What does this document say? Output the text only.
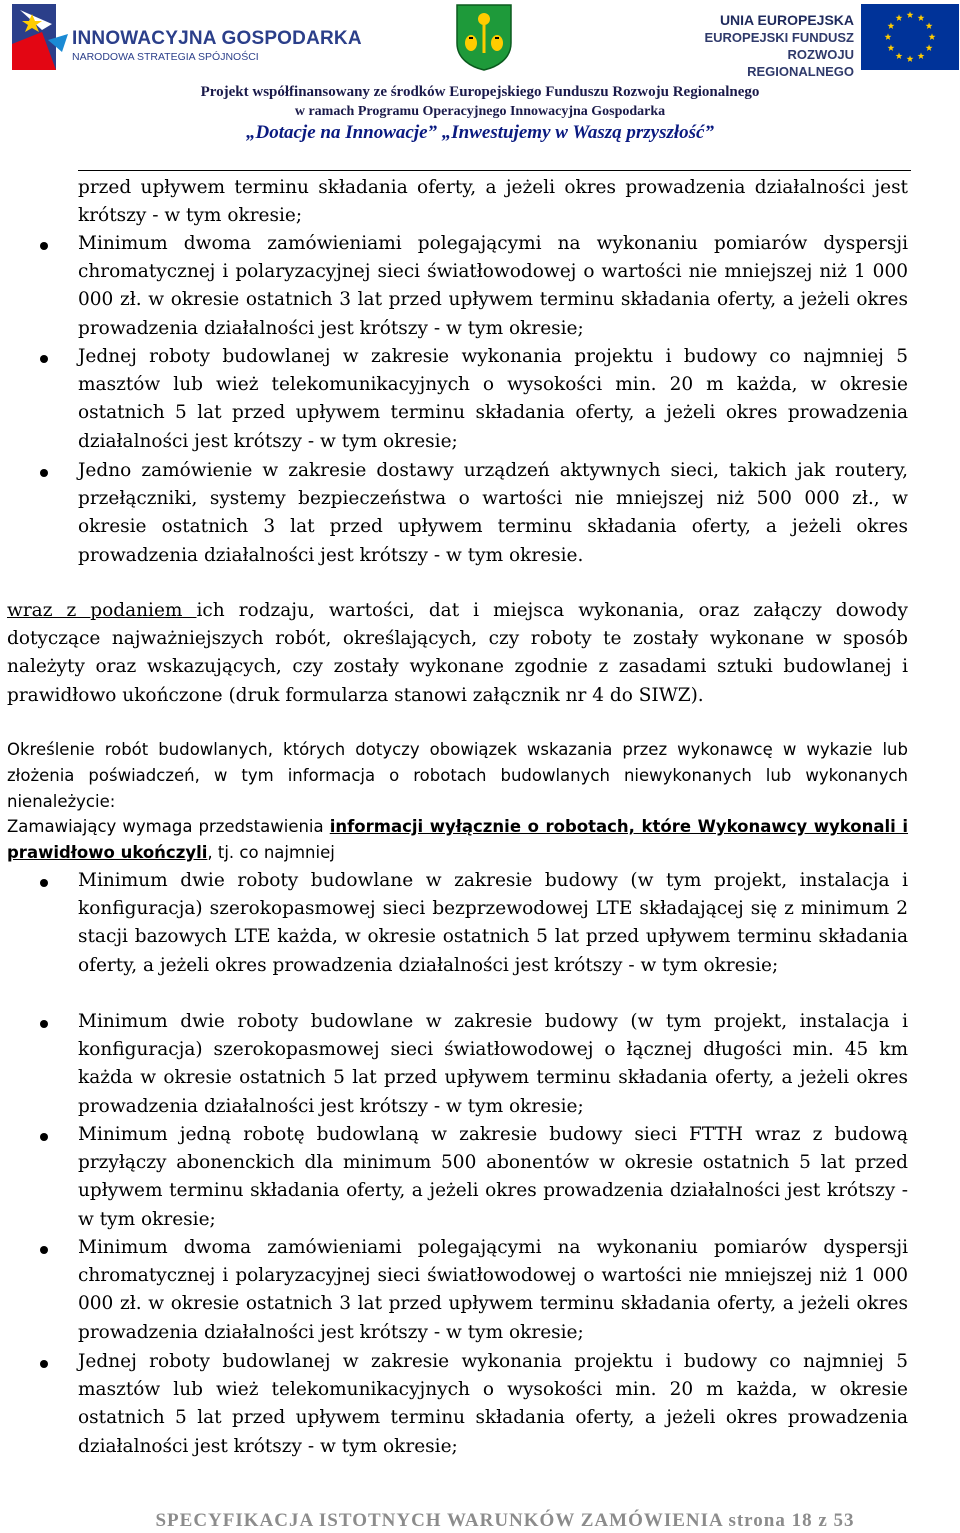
INNOWACYJNA GOSPODARKA
NARODOWA STRATEGIA SPÓJNOŚCI
UNIA EUROPEJSKA
EUROPEJSKI FUNDUSZ
ROZWOJU REGIONALNEGO
Projekt współfinansowany ze środków Europejskiego Funduszu Rozwoju Regionalnego
w ramach Programu Operacyjnego Innowacyjna Gospodarka
„Dotacje na Innowacje” „Inwestujemy w Waszą przyszłość”
przed upływem terminu składania oferty, a jeżeli okres prowadzenia działalności jest krótszy - w tym okresie;
Minimum dwoma zamówieniami polegającymi na wykonaniu pomiarów dyspersji chromatycznej i polaryzacyjnej sieci światłowodowej o wartości nie mniejszej niż 1 000 000 zł. w okresie ostatnich 3 lat przed upływem terminu składania oferty, a jeżeli okres prowadzenia działalności jest krótszy - w tym okresie;
Jednej roboty budowlanej w zakresie wykonania projektu i budowy co najmniej 5 masztów lub wież telekomunikacyjnych o wysokości min. 20 m każda, w okresie ostatnich 5 lat przed upływem terminu składania oferty, a jeżeli okres prowadzenia działalności jest krótszy - w tym okresie;
Jedno zamówienie w zakresie dostawy urządzeń aktywnych sieci, takich jak routery, przełączniki, systemy bezpieczeństwa o wartości nie mniejszej niż 500 000 zł., w okresie ostatnich 3 lat przed upływem terminu składania oferty, a jeżeli okres prowadzenia działalności jest krótszy - w tym okresie.
wraz z podaniem ich rodzaju, wartości, dat i miejsca wykonania, oraz załączy dowody dotyczące najważniejszych robót, określających, czy roboty te zostały wykonane w sposób należyty oraz wskazujących, czy zostały wykonane zgodnie z zasadami sztuki budowlanej i prawidłowo ukończone (druk formularza stanowi załącznik nr 4 do SIWZ).
Określenie robót budowlanych, których dotyczy obowiązek wskazania przez wykonawcę w wykazie lub złożenia poświadczeń, w tym informacja o robotach budowlanych niewykonanych lub wykonanych nienależycie:
Zamawiający wymaga przedstawienia informacji wyłącznie o robotach, które Wykonawcy wykonali i prawidłowo ukończyli, tj. co najmniej
Minimum dwie roboty budowlane w zakresie budowy (w tym projekt, instalacja i konfiguracja) szerokopasmowej sieci bezprzewodowej LTE składającej się z minimum 2 stacji bazowych LTE każda, w okresie ostatnich 5 lat przed upływem terminu składania oferty, a jeżeli okres prowadzenia działalności jest krótszy - w tym okresie;
Minimum dwie roboty budowlane w zakresie budowy (w tym projekt, instalacja i konfiguracja) szerokopasmowej sieci światłowodowej o łącznej długości min. 45 km każda w okresie ostatnich 5 lat przed upływem terminu składania oferty, a jeżeli okres prowadzenia działalności jest krótszy - w tym okresie;
Minimum jedną robotę budowlaną w zakresie budowy sieci FTTH wraz z budową przyłączy abonenckich dla minimum 500 abonentów w okresie ostatnich 5 lat przed upływem terminu składania oferty, a jeżeli okres prowadzenia działalności jest krótszy - w tym okresie;
Minimum dwoma zamówieniami polegającymi na wykonaniu pomiarów dyspersji chromatycznej i polaryzacyjnej sieci światłowodowej o wartości nie mniejszej niż 1 000 000 zł. w okresie ostatnich 3 lat przed upływem terminu składania oferty, a jeżeli okres prowadzenia działalności jest krótszy - w tym okresie;
Jednej roboty budowlanej w zakresie wykonania projektu i budowy co najmniej 5 masztów lub wież telekomunikacyjnych o wysokości min. 20 m każda, w okresie ostatnich 5 lat przed upływem terminu składania oferty, a jeżeli okres prowadzenia działalności jest krótszy - w tym okresie;
SPECYFIKACJA ISTOTNYCH WARUNKÓW ZAMÓWIENIA strona 18 z 53
